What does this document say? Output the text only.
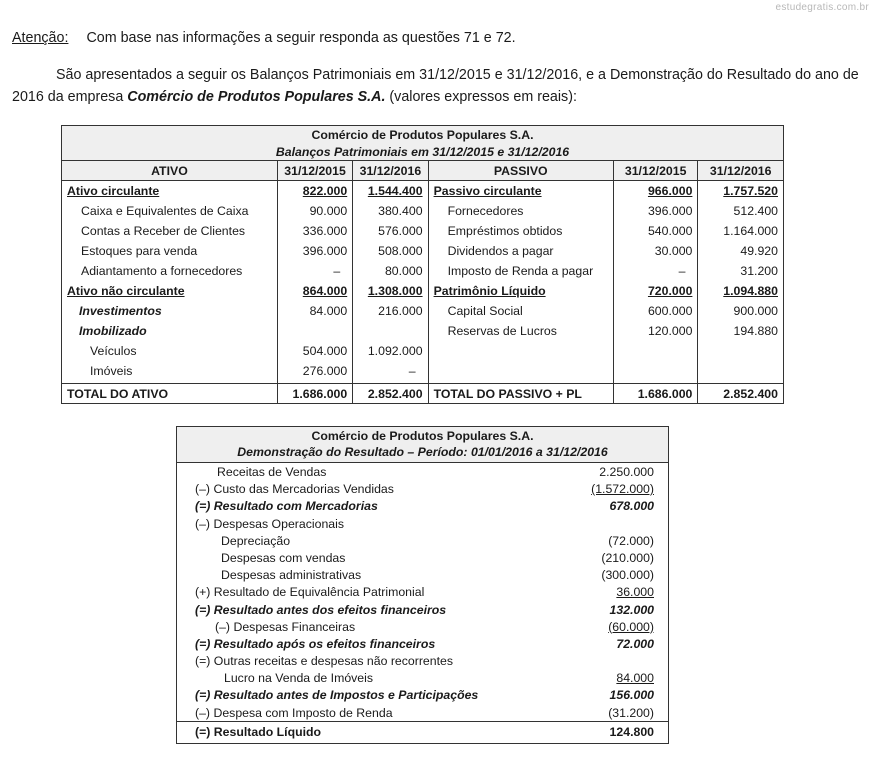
estudegratis.com.br
Atenção: Com base nas informações a seguir responda as questões 71 e 72.
São apresentados a seguir os Balanços Patrimoniais em 31/12/2015 e 31/12/2016, e a Demonstração do Resultado do ano de
2016 da empresa Comércio de Produtos Populares S.A. (valores expressos em reais):
Comércio de Produtos Populares S.A.					
Balanços Patrimoniais em 31/12/2015 e 31/12/2016					
ATIVO	31/12/2015	31/12/2016	PASSIVO	31/12/2015	31/12/2016
Ativo circulante	822.000	1.544.400	Passivo circulante	966.000	1.757.520
Caixa e Equivalentes de Caixa	90.000	380.400	Fornecedores	396.000	512.400
Contas a Receber de Clientes	336.000	576.000	Empréstimos obtidos	540.000	1.164.000
Estoques para venda	396.000	508.000	Dividendos a pagar	30.000	49.920
Adiantamento a fornecedores	–	80.000	Imposto de Renda a pagar	–	31.200
Ativo não circulante	864.000	1.308.000	Patrimônio Líquido	720.000	1.094.880
Investimentos	84.000	216.000	Capital Social	600.000	900.000
Imobilizado			Reservas de Lucros	120.000	194.880
Veículos	504.000	1.092.000			
Imóveis	276.000	–			
TOTAL DO ATIVO	1.686.000	2.852.400	TOTAL DO PASSIVO + PL	1.686.000	2.852.400
Comércio de Produtos Populares S.A.
Demonstração do Resultado – Período: 01/01/2016 a 31/12/2016
Receitas de Vendas	2.250.000
(–) Custo das Mercadorias Vendidas	(1.572.000)
(=) Resultado com Mercadorias	678.000
(–) Despesas Operacionais
Depreciação	(72.000)
Despesas com vendas	(210.000)
Despesas administrativas	(300.000)
(+) Resultado de Equivalência Patrimonial	36.000
(=) Resultado antes dos efeitos financeiros	132.000
(–) Despesas Financeiras	(60.000)
(=) Resultado após os efeitos financeiros	72.000
(=) Outras receitas e despesas não recorrentes
Lucro na Venda de Imóveis	84.000
(=) Resultado antes de Impostos e Participações	156.000
(–) Despesa com Imposto de Renda	(31.200)
(=) Resultado Líquido	124.800
